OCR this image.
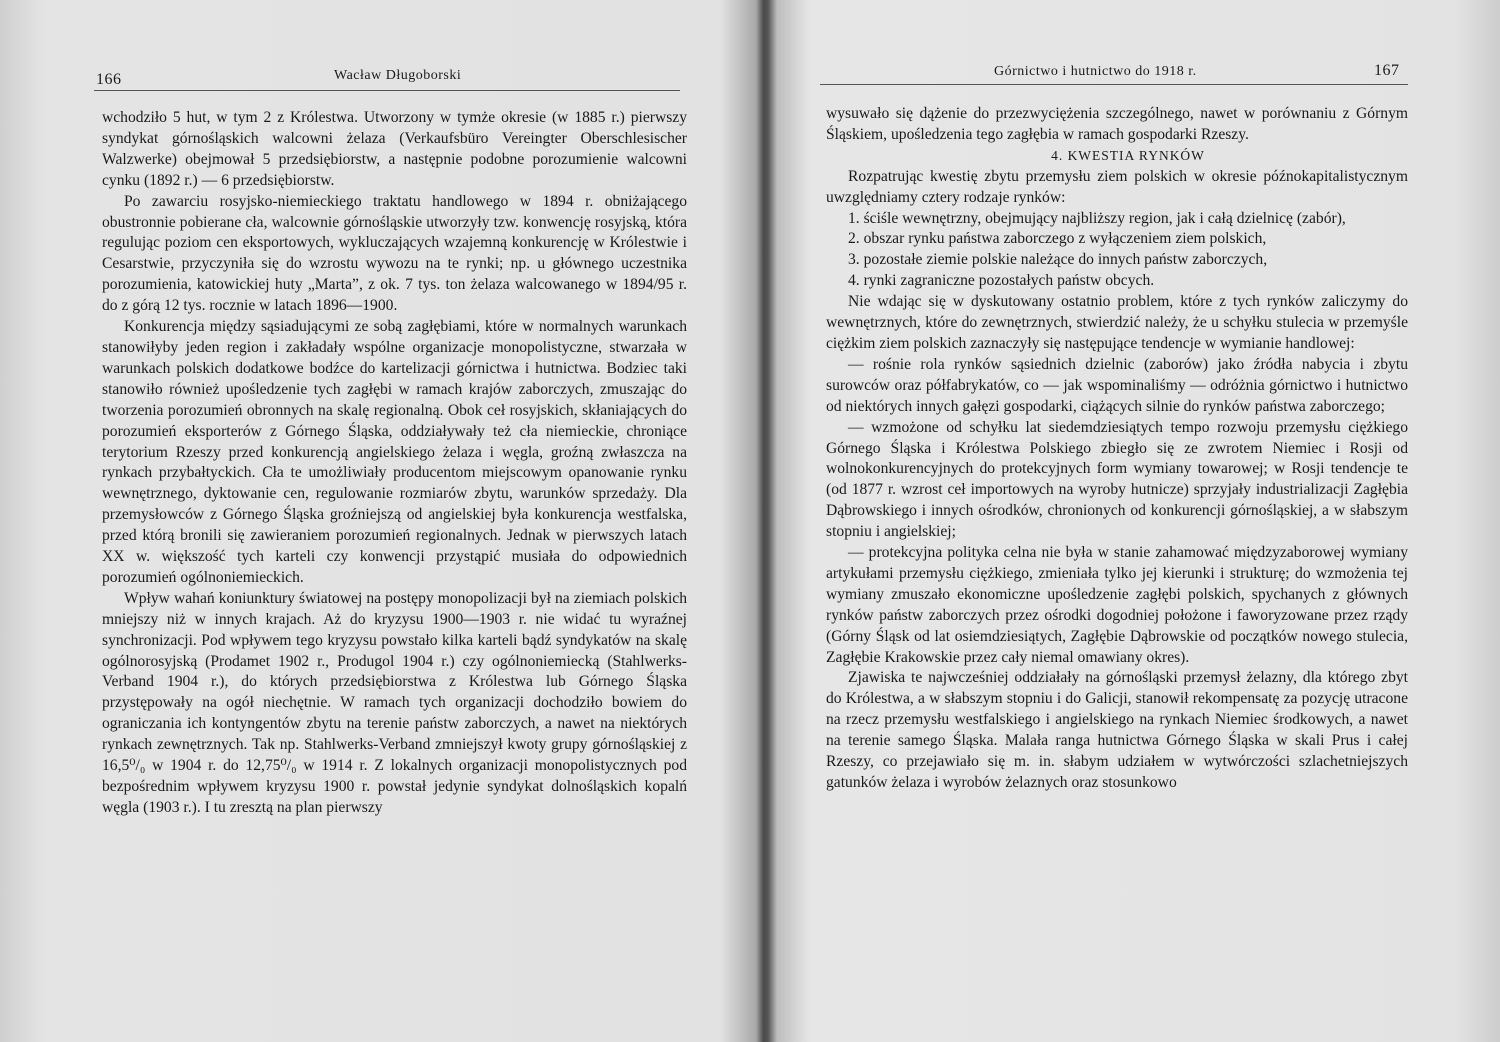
166	Wacław Długoborski

wchodziło 5 hut, w tym 2 z Królestwa. Utworzony w tymże okresie (w 1885 r.) pierwszy syndykat górnośląskich walcowni żelaza (Verkaufsbüro Vereingter Oberschlesischer Walzwerke) obejmował 5 przedsiębiorstw, a następnie podobne porozumienie walcowni cynku (1892 r.) — 6 przedsiębiorstw.

Po zawarciu rosyjsko-niemieckiego traktatu handlowego w 1894 r. obniżającego obustronnie pobierane cła, walcownie górnośląskie utworzyły tzw. konwencję rosyjską, która regulując poziom cen eksportowych, wykluczających wzajemną konkurencję w Królestwie i Cesarstwie, przyczyniła się do wzrostu wywozu na te rynki; np. u głównego uczestnika porozumienia, katowickiej huty „Marta”, z ok. 7 tys. ton żelaza walcowanego w 1894/95 r. do z górą 12 tys. rocznie w latach 1896—1900.

Konkurencja między sąsiadującymi ze sobą zagłębiami, które w normalnych warunkach stanowiłyby jeden region i zakładały wspólne organizacje monopolistyczne, stwarzała w warunkach polskich dodatkowe bodźce do kartelizacji górnictwa i hutnictwa. Bodziec taki stanowiło również upośledzenie tych zagłębi w ramach krajów zaborczych, zmuszając do tworzenia porozumień obronnych na skalę regionalną. Obok ceł rosyjskich, skłaniających do porozumień eksporterów z Górnego Śląska, oddziaływały też cła niemieckie, chroniące terytorium Rzeszy przed konkurencją angielskiego żelaza i węgla, groźną zwłaszcza na rynkach przybałtyckich. Cła te umożliwiały producentom miejscowym opanowanie rynku wewnętrznego, dyktowanie cen, regulowanie rozmiarów zbytu, warunków sprzedaży. Dla przemysłowców z Górnego Śląska groźniejszą od angielskiej była konkurencja westfalska, przed którą bronili się zawieraniem porozumień regionalnych. Jednak w pierwszych latach XX w. większość tych karteli czy konwencji przystąpić musiała do odpowiednich porozumień ogólnoniemieckich.

Wpływ wahań koniunktury światowej na postępy monopolizacji był na ziemiach polskich mniejszy niż w innych krajach. Aż do kryzysu 1900—1903 r. nie widać tu wyraźnej synchronizacji. Pod wpływem tego kryzysu powstało kilka karteli bądź syndykatów na skalę ogólnorosyjską (Prodamet 1902 r., Produgol 1904 r.) czy ogólnoniemiecką (Stahlwerks-Verband 1904 r.), do których przedsiębiorstwa z Królestwa lub Górnego Śląska przystępowały na ogół niechętnie. W ramach tych organizacji dochodziło bowiem do ograniczania ich kontyngentów zbytu na terenie państw zaborczych, a nawet na niektórych rynkach zewnętrznych. Tak np. Stahlwerks-Verband zmniejszył kwoty grupy górnośląskiej z 16,5⁰/₀ w 1904 r. do 12,75⁰/₀ w 1914 r. Z lokalnych organizacji monopolistycznych pod bezpośrednim wpływem kryzysu 1900 r. powstał jedynie syndykat dolnośląskich kopalń węgla (1903 r.). I tu zresztą na plan pierwszy

Górnictwo i hutnictwo do 1918 r.	167

wysuwało się dążenie do przezwyciężenia szczególnego, nawet w porównaniu z Górnym Śląskiem, upośledzenia tego zagłębia w ramach gospodarki Rzeszy.

4. KWESTIA RYNKÓW

Rozpatrując kwestię zbytu przemysłu ziem polskich w okresie późnokapitalistycznym uwzględniamy cztery rodzaje rynków:

1. ściśle wewnętrzny, obejmujący najbliższy region, jak i całą dzielnicę (zabór),

2. obszar rynku państwa zaborczego z wyłączeniem ziem polskich,

3. pozostałe ziemie polskie należące do innych państw zaborczych,

4. rynki zagraniczne pozostałych państw obcych.

Nie wdając się w dyskutowany ostatnio problem, które z tych rynków zaliczymy do wewnętrznych, które do zewnętrznych, stwierdzić należy, że u schyłku stulecia w przemyśle ciężkim ziem polskich zaznaczyły się następujące tendencje w wymianie handlowej:

— rośnie rola rynków sąsiednich dzielnic (zaborów) jako źródła nabycia i zbytu surowców oraz półfabrykatów, co — jak wspominaliśmy — odróżnia górnictwo i hutnictwo od niektórych innych gałęzi gospodarki, ciążących silnie do rynków państwa zaborczego;

— wzmożone od schyłku lat siedemdziesiątych tempo rozwoju przemysłu ciężkiego Górnego Śląska i Królestwa Polskiego zbiegło się ze zwrotem Niemiec i Rosji od wolnokonkurencyjnych do protekcyjnych form wymiany towarowej; w Rosji tendencje te (od 1877 r. wzrost ceł importowych na wyroby hutnicze) sprzyjały industrializacji Zagłębia Dąbrowskiego i innych ośrodków, chronionych od konkurencji górnośląskiej, a w słabszym stopniu i angielskiej;

— protekcyjna polityka celna nie była w stanie zahamować międzyzaborowej wymiany artykułami przemysłu ciężkiego, zmieniała tylko jej kierunki i strukturę; do wzmożenia tej wymiany zmuszało ekonomiczne upośledzenie zagłębi polskich, spychanych z głównych rynków państw zaborczych przez ośrodki dogodniej położone i faworyzowane przez rządy (Górny Śląsk od lat osiemdziesiątych, Zagłębie Dąbrowskie od początków nowego stulecia, Zagłębie Krakowskie przez cały niemal omawiany okres).

Zjawiska te najwcześniej oddziałały na górnośląski przemysł żelazny, dla którego zbyt do Królestwa, a w słabszym stopniu i do Galicji, stanowił rekompensatę za pozycję utracone na rzecz przemysłu westfalskiego i angielskiego na rynkach Niemiec środkowych, a nawet na terenie samego Śląska. Malała ranga hutnictwa Górnego Śląska w skali Prus i całej Rzeszy, co przejawiało się m. in. słabym udziałem w wytwórczości szlachetniejszych gatunków żelaza i wyrobów żelaznych oraz stosunkowo
